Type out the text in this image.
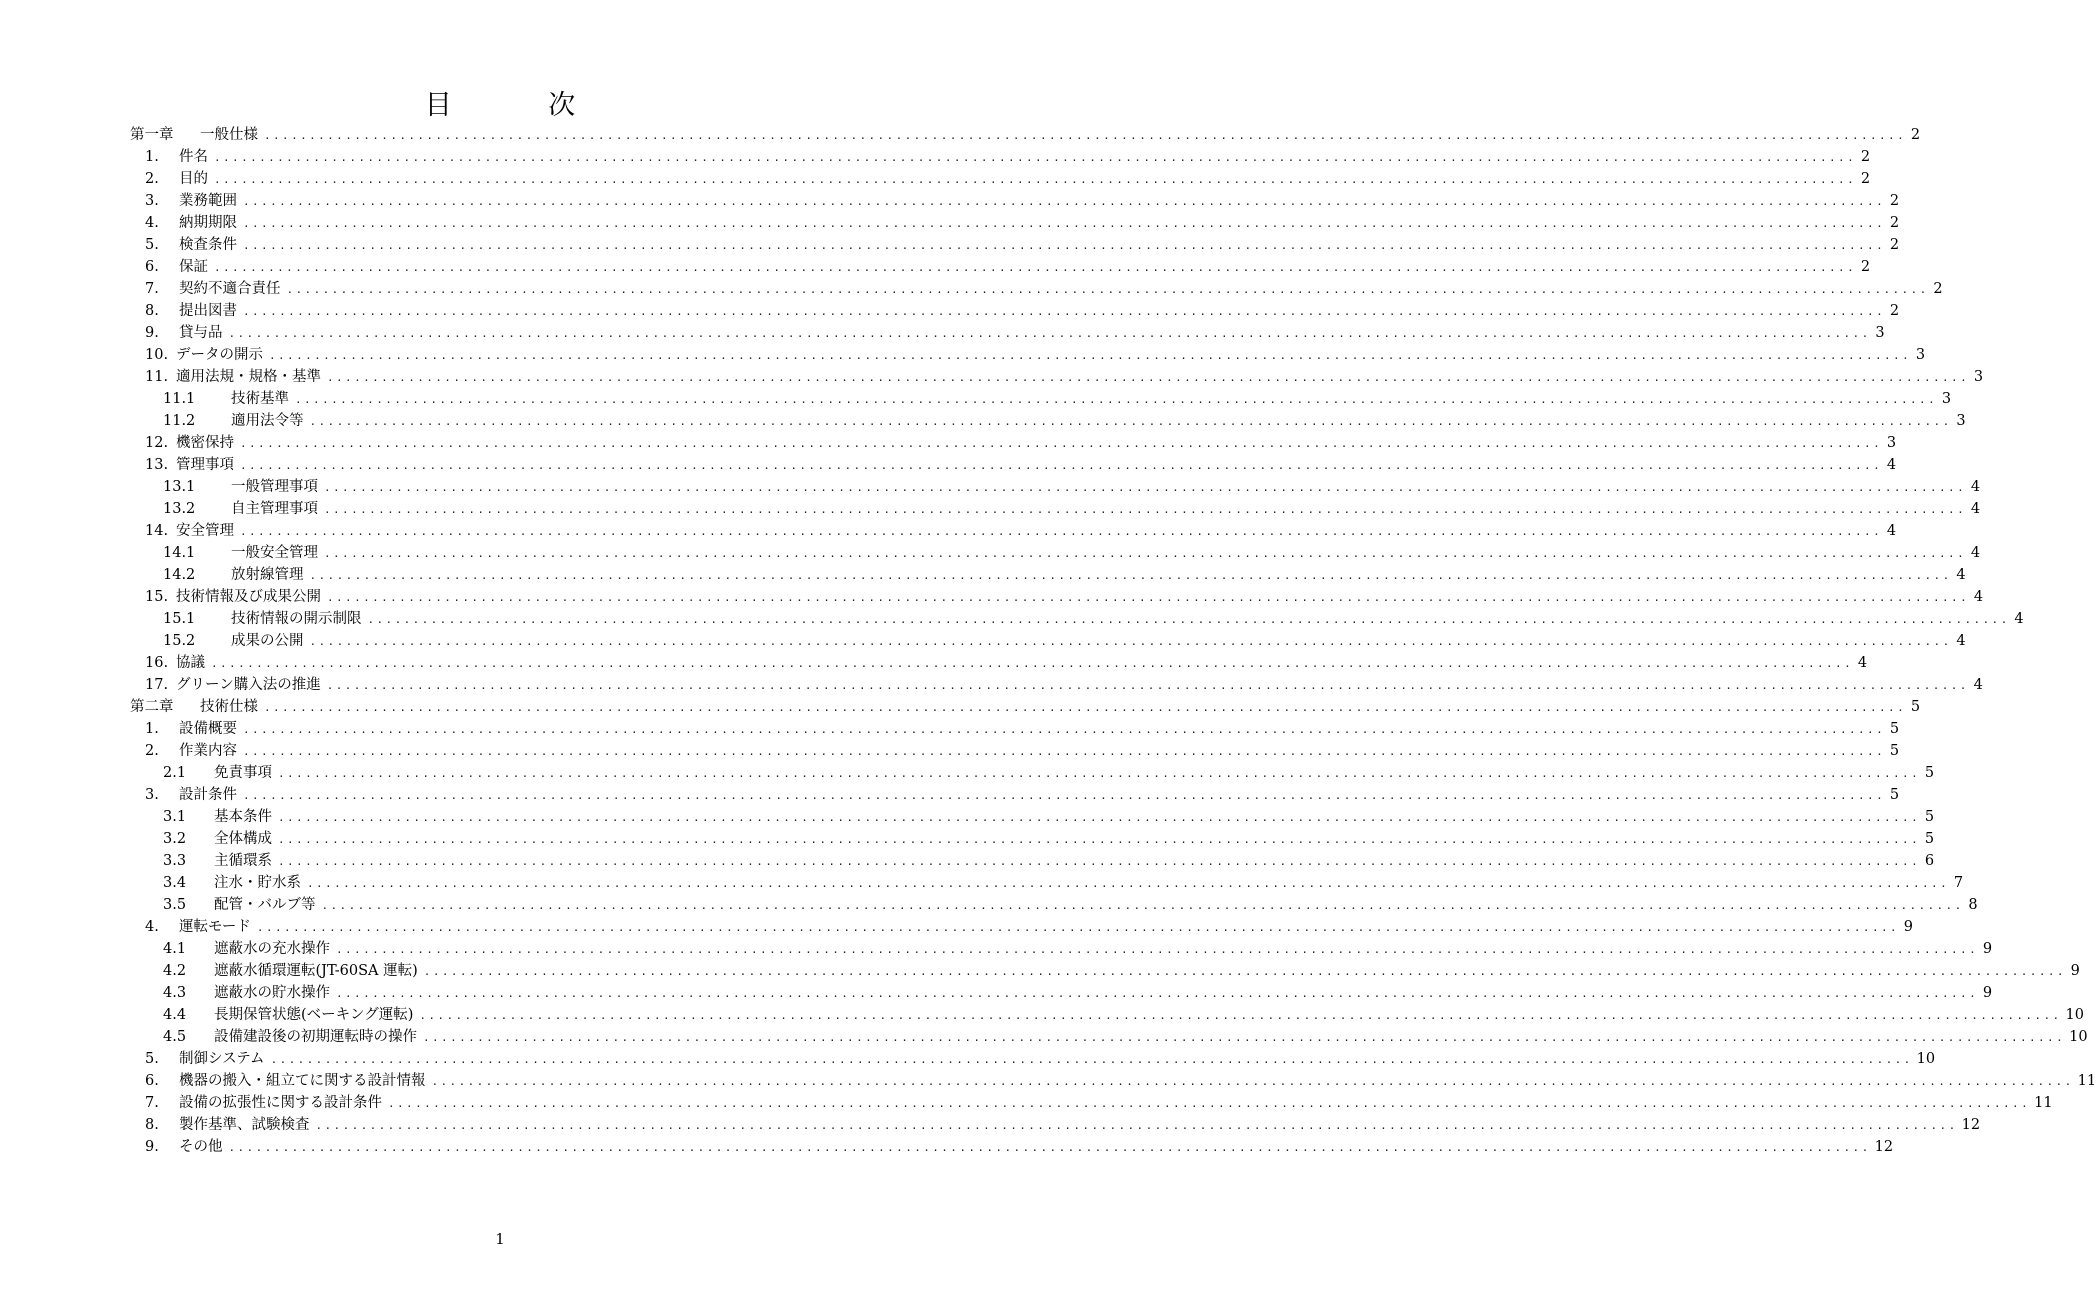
目 次
第一章	一般仕様 ...................................................................................................................................................................................... 2
1.	件名 ...................................................................................................................................................................................... 2
2.	目的 ...................................................................................................................................................................................... 2
3.	業務範囲 ...................................................................................................................................................................................... 2
4.	納期期限 ...................................................................................................................................................................................... 2
5.	検査条件 ...................................................................................................................................................................................... 2
6.	保証 ...................................................................................................................................................................................... 2
7.	契約不適合責任 ...................................................................................................................................................................................... 2
8.	提出図書 ...................................................................................................................................................................................... 2
9.	貸与品 ...................................................................................................................................................................................... 3
10. データの開示 ...................................................................................................................................................................................... 3
11. 適用法規・規格・基準 ...................................................................................................................................................................................... 3
11.1	技術基準 ...................................................................................................................................................................................... 3
11.2	適用法令等 ...................................................................................................................................................................................... 3
12. 機密保持 ...................................................................................................................................................................................... 3
13. 管理事項 ...................................................................................................................................................................................... 4
13.1	一般管理事項 ...................................................................................................................................................................................... 4
13.2	自主管理事項 ...................................................................................................................................................................................... 4
14. 安全管理 ...................................................................................................................................................................................... 4
14.1	一般安全管理 ...................................................................................................................................................................................... 4
14.2	放射線管理 ...................................................................................................................................................................................... 4
15. 技術情報及び成果公開 ...................................................................................................................................................................................... 4
15.1	技術情報の開示制限 ...................................................................................................................................................................................... 4
15.2	成果の公開 ...................................................................................................................................................................................... 4
16. 協議 ...................................................................................................................................................................................... 4
17. グリーン購入法の推進 ...................................................................................................................................................................................... 4
第二章	技術仕様 ...................................................................................................................................................................................... 5
1.	設備概要 ...................................................................................................................................................................................... 5
2.	作業内容 ...................................................................................................................................................................................... 5
2.1	免責事項 ...................................................................................................................................................................................... 5
3.	設計条件 ...................................................................................................................................................................................... 5
3.1	基本条件 ...................................................................................................................................................................................... 5
3.2	全体構成 ...................................................................................................................................................................................... 5
3.3	主循環系 ...................................................................................................................................................................................... 6
3.4	注水・貯水系 ...................................................................................................................................................................................... 7
3.5	配管・バルブ等 ...................................................................................................................................................................................... 8
4.	運転モード ...................................................................................................................................................................................... 9
4.1	遮蔽水の充水操作 ...................................................................................................................................................................................... 9
4.2	遮蔽水循環運転(JT-60SA 運転) ...................................................................................................................................................................................... 9
4.3	遮蔽水の貯水操作 ...................................................................................................................................................................................... 9
4.4	長期保管状態(ベーキング運転) ...................................................................................................................................................................................... 10
4.5	設備建設後の初期運転時の操作 ...................................................................................................................................................................................... 10
5.	制御システム ...................................................................................................................................................................................... 10
6.	機器の搬入・組立てに関する設計情報 ...................................................................................................................................................................................... 11
7.	設備の拡張性に関する設計条件 ...................................................................................................................................................................................... 11
8.	製作基準、試験検査 ...................................................................................................................................................................................... 12
9.	その他 ...................................................................................................................................................................................... 12
1
